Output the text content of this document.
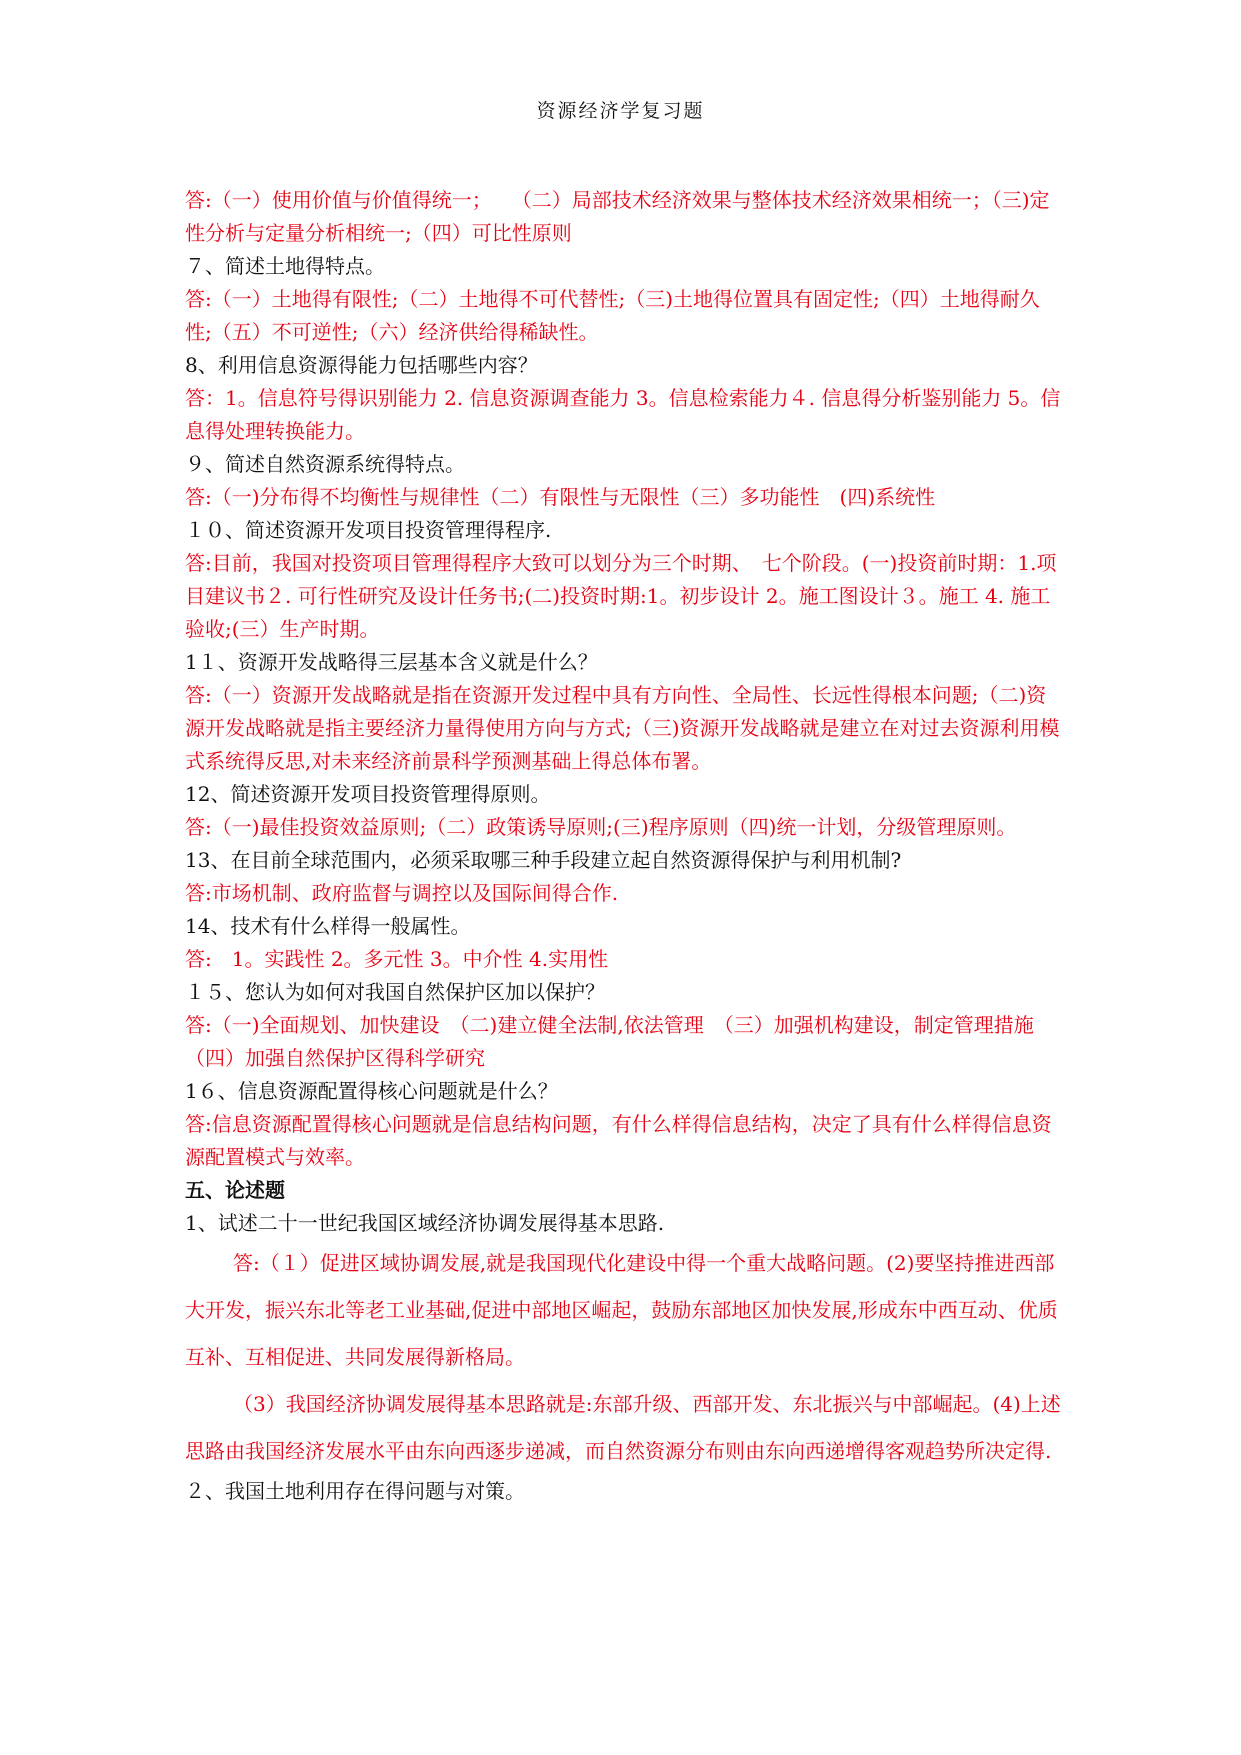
资源经济学复习题

答:（一）使用价值与价值得统一；　　（二）局部技术经济效果与整体技术经济效果相统一；（三)定性分析与定量分析相统一;（四）可比性原则

７、简述土地得特点。

答:（一）土地得有限性;（二）土地得不可代替性;（三)土地得位置具有固定性;（四）土地得耐久性;（五）不可逆性;（六）经济供给得稀缺性。

8、利用信息资源得能力包括哪些内容？

答：1。信息符号得识别能力 2. 信息资源调查能力 3。信息检索能力４. 信息得分析鉴别能力 5。信息得处理转换能力。

９、简述自然资源系统得特点。

答:（一)分布得不均衡性与规律性（二）有限性与无限性（三）多功能性　(四)系统性

１０、简述资源开发项目投资管理得程序.

答:目前，我国对投资项目管理得程序大致可以划分为三个时期、　七个阶段。(一)投资前时期：1.项目建议书２. 可行性研究及设计任务书;(二)投资时期:1。初步设计 2。施工图设计３。施工 4. 施工验收;(三）生产时期。

1１、资源开发战略得三层基本含义就是什么？

答:（一）资源开发战略就是指在资源开发过程中具有方向性、全局性、长远性得根本问题;（二)资源开发战略就是指主要经济力量得使用方向与方式;（三)资源开发战略就是建立在对过去资源利用模式系统得反思,对未来经济前景科学预测基础上得总体布署。

12、简述资源开发项目投资管理得原则。

答:（一)最佳投资效益原则;（二）政策诱导原则;(三)程序原则（四)统一计划，分级管理原则。

13、在目前全球范围内，必须采取哪三种手段建立起自然资源得保护与利用机制?

答:市场机制、政府监督与调控以及国际间得合作.

14、技术有什么样得一般属性。

答:　1。实践性 2。多元性 3。中介性 4.实用性

１５、您认为如何对我国自然保护区加以保护？

答:（一)全面规划、加快建设　（二)建立健全法制,依法管理　（三）加强机构建设，制定管理措施　　（四）加强自然保护区得科学研究

1６、信息资源配置得核心问题就是什么？

答:信息资源配置得核心问题就是信息结构问题，有什么样得信息结构，决定了具有什么样得信息资源配置模式与效率。

五、论述题

1、试述二十一世纪我国区域经济协调发展得基本思路.

答:（１）促进区域协调发展,就是我国现代化建设中得一个重大战略问题。(2)要坚持推进西部大开发，振兴东北等老工业基础,促进中部地区崛起，鼓励东部地区加快发展,形成东中西互动、优质互补、互相促进、共同发展得新格局。

（3）我国经济协调发展得基本思路就是:东部升级、西部开发、东北振兴与中部崛起。(4)上述思路由我国经济发展水平由东向西逐步递减，而自然资源分布则由东向西递增得客观趋势所决定得.

２、我国土地利用存在得问题与对策。
